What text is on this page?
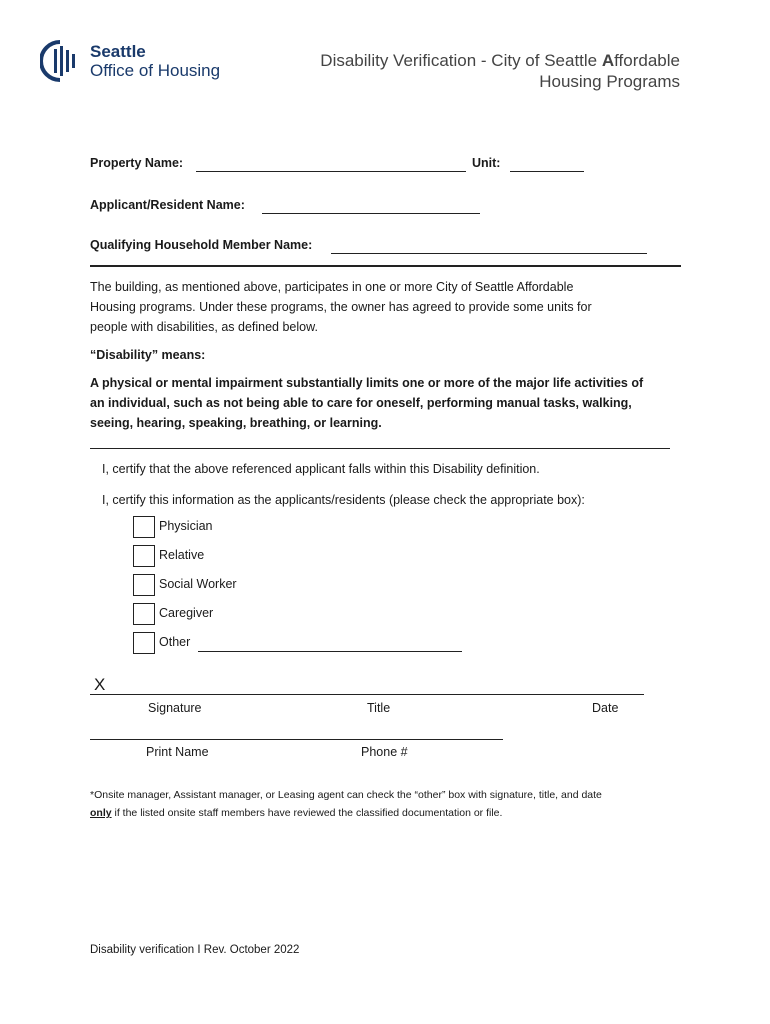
Seattle
Office of Housing
Disability Verification - City of Seattle Affordable
Housing Programs
Property Name:	Unit:
Applicant/Resident Name:
Qualifying Household Member Name:
The building, as mentioned above, participates in one or more City of Seattle Affordable
Housing programs. Under these programs, the owner has agreed to provide some units for
people with disabilities, as defined below.
“Disability” means:
A physical or mental impairment substantially limits one or more of the major life activities of
an individual, such as not being able to care for oneself, performing manual tasks, walking,
seeing, hearing, speaking, breathing, or learning.
I, certify that the above referenced applicant falls within this Disability definition.
I, certify this information as the applicants/residents (please check the appropriate box):
Physician
Relative
Social Worker
Caregiver
Other
X
Signature	Title	Date
Print Name	Phone #
*Onsite manager, Assistant manager, or Leasing agent can check the “other” box with signature, title, and date
only if the listed onsite staff members have reviewed the classified documentation or file.
Disability verification I Rev. October 2022
